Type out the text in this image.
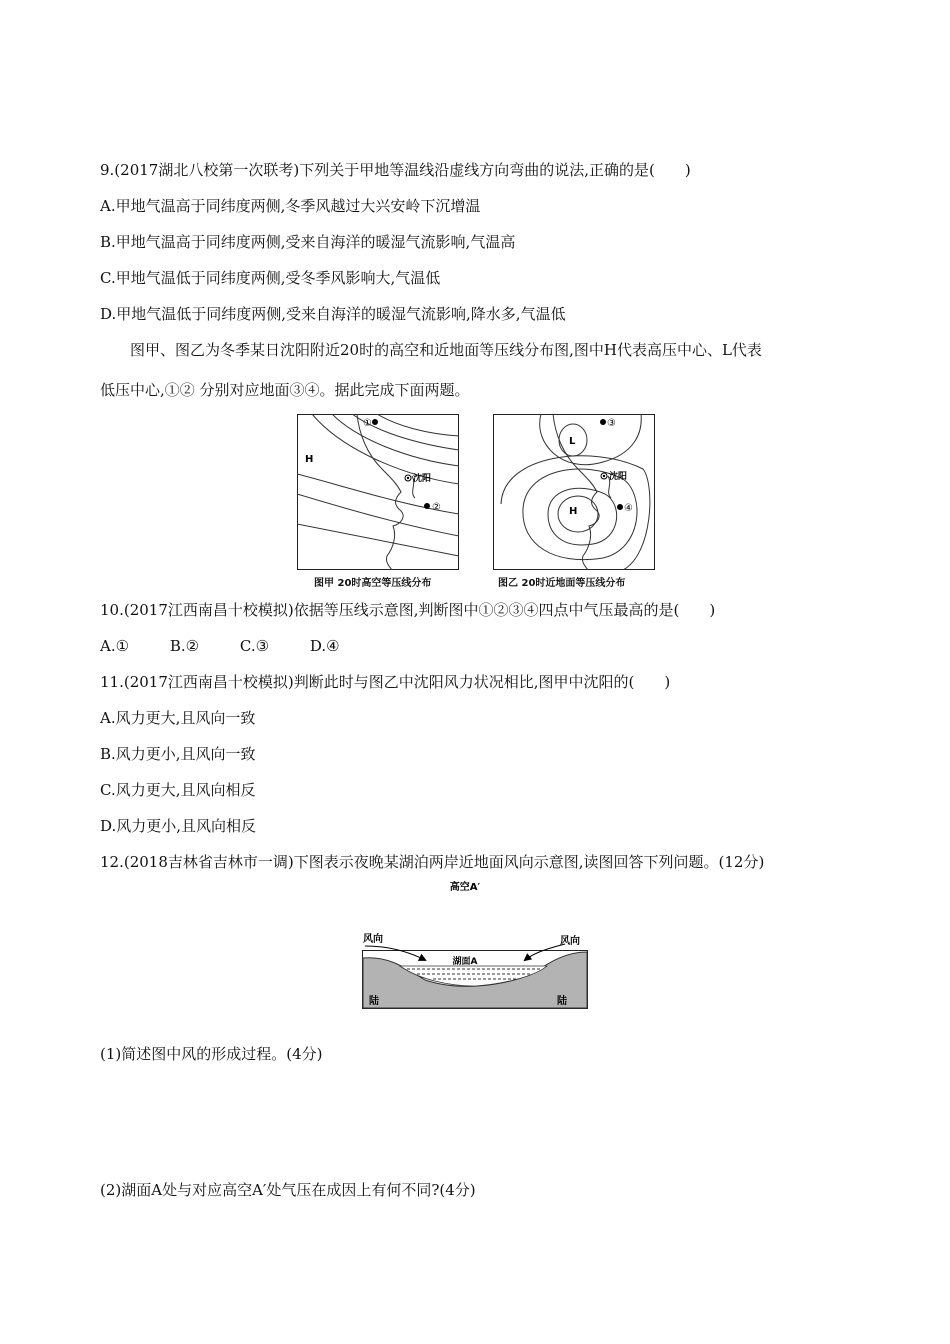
9.(2017湖北八校第一次联考)下列关于甲地等温线沿虚线方向弯曲的说法,正确的是(　　)
A.甲地气温高于同纬度两侧,冬季风越过大兴安岭下沉增温
B.甲地气温高于同纬度两侧,受来自海洋的暖湿气流影响,气温高
C.甲地气温低于同纬度两侧,受冬季风影响大,气温低
D.甲地气温低于同纬度两侧,受来自海洋的暖湿气流影响,降水多,气温低
图甲、图乙为冬季某日沈阳附近20时的高空和近地面等压线分布图,图中H代表高压中心、L代表
低压中心,①② 分别对应地面③④。据此完成下面两题。
H
沈阳
①
②
图甲 20时高空等压线分布
L
H
沈阳
③
④
图乙 20时近地面等压线分布
10.(2017江西南昌十校模拟)依据等压线示意图,判断图中①②③④四点中气压最高的是(　　)
A.①	B.②	C.③	D.④
11.(2017江西南昌十校模拟)判断此时与图乙中沈阳风力状况相比,图甲中沈阳的(　　)
A.风力更大,且风向一致
B.风力更小,且风向一致
C.风力更大,且风向相反
D.风力更小,且风向相反
12.(2018吉林省吉林市一调)下图表示夜晚某湖泊两岸近地面风向示意图,读图回答下列问题。(12分)
高空A′
风向	风向
湖面A
陆	陆
(1)简述图中风的形成过程。(4分)
(2)湖面A处与对应高空A′处气压在成因上有何不同?(4分)
